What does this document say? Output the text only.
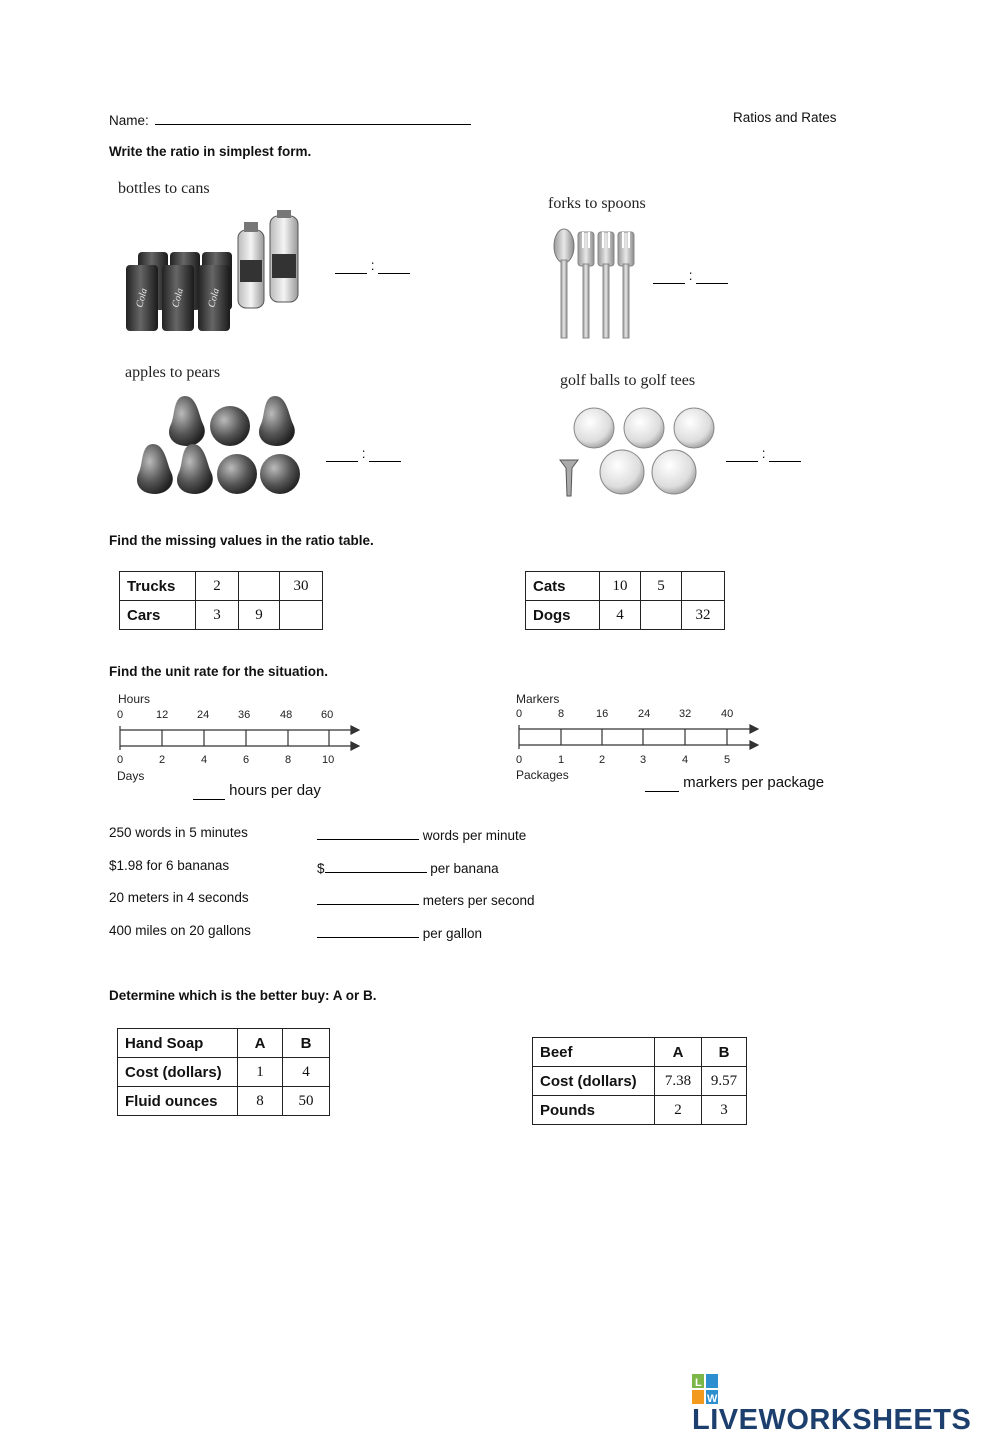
Name:	Ratios and Rates
Write the ratio in simplest form.
bottles to cans
Cola Cola Cola
:
forks to spoons
:
apples to pears
:
golf balls to golf tees
:
Find the missing values in the ratio table.
Trucks	2		30
Cars	3	9	
Cats	10	5	
Dogs	4		32
Find the unit rate for the situation.
Hours
0	12	24	36	48	60
0	2	4	6	8	10
Days
hours per day
Markers
0	8	16	24	32	40
0	1	2	3	4	5
Packages	markers per package
250 words in 5 minutes	words per minute
$1.98 for 6 bananas	$	per banana
20 meters in 4 seconds	meters per second
400 miles on 20 gallons	per gallon
Determine which is the better buy: A or B.
Hand Soap	A	B
Cost (dollars)	1	4
Fluid ounces	8	50
Beef	A	B
Cost (dollars)	7.38	9.57
Pounds	2	3
L
W
LIVEWORKSHEETS
